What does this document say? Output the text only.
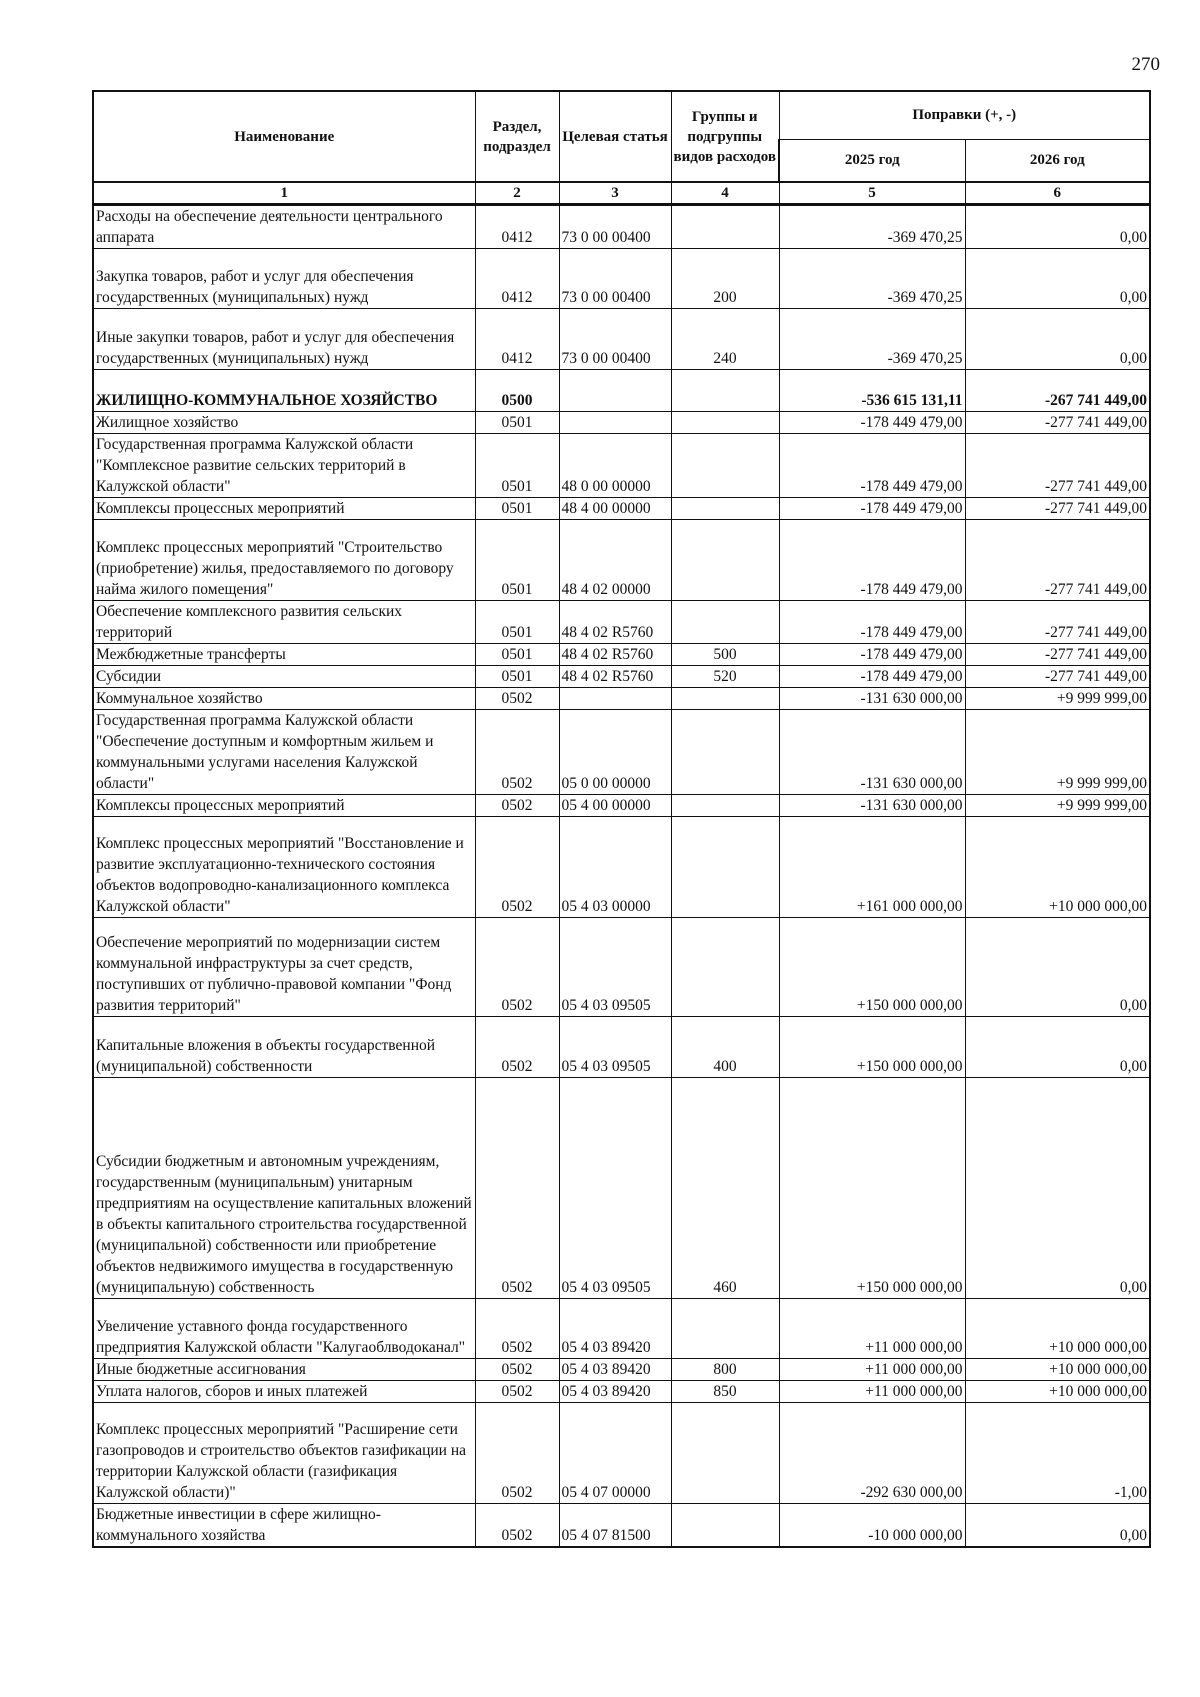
270
Наименование	Раздел, подраздел	Целевая статья	Группы и подгруппы видов расходов	Поправки (+, -)	
				2025 год	2026 год
1	2	3	4	5	6
Расходы на обеспечение деятельности центрального аппарата	0412	73 0 00 00400		-369 470,25	0,00
Закупка товаров, работ и услуг для обеспечения государственных (муниципальных) нужд	0412	73 0 00 00400	200	-369 470,25	0,00
Иные закупки товаров, работ и услуг для обеспечения государственных (муниципальных) нужд	0412	73 0 00 00400	240	-369 470,25	0,00
ЖИЛИЩНО-КОММУНАЛЬНОЕ ХОЗЯЙСТВО	0500			-536 615 131,11	-267 741 449,00
Жилищное хозяйство	0501			-178 449 479,00	-277 741 449,00
Государственная программа Калужской области "Комплексное развитие сельских территорий в Калужской области"	0501	48 0 00 00000		-178 449 479,00	-277 741 449,00
Комплексы процессных мероприятий	0501	48 4 00 00000		-178 449 479,00	-277 741 449,00
Комплекс процессных мероприятий "Строительство (приобретение) жилья, предоставляемого по договору найма жилого помещения"	0501	48 4 02 00000		-178 449 479,00	-277 741 449,00
Обеспечение комплексного развития сельских территорий	0501	48 4 02 R5760		-178 449 479,00	-277 741 449,00
Межбюджетные трансферты	0501	48 4 02 R5760	500	-178 449 479,00	-277 741 449,00
Субсидии	0501	48 4 02 R5760	520	-178 449 479,00	-277 741 449,00
Коммунальное хозяйство	0502			-131 630 000,00	+9 999 999,00
Государственная программа Калужской области "Обеспечение доступным и комфортным жильем и коммунальными услугами населения Калужской области"	0502	05 0 00 00000		-131 630 000,00	+9 999 999,00
Комплексы процессных мероприятий	0502	05 4 00 00000		-131 630 000,00	+9 999 999,00
Комплекс процессных мероприятий "Восстановление и развитие эксплуатационно-технического состояния объектов водопроводно-канализационного комплекса Калужской области"	0502	05 4 03 00000		+161 000 000,00	+10 000 000,00
Обеспечение мероприятий по модернизации систем коммунальной инфраструктуры за счет средств, поступивших от публично-правовой компании "Фонд развития территорий"	0502	05 4 03 09505		+150 000 000,00	0,00
Капитальные вложения в объекты государственной (муниципальной) собственности	0502	05 4 03 09505	400	+150 000 000,00	0,00
Субсидии бюджетным и автономным учреждениям, государственным (муниципальным) унитарным предприятиям на осуществление капитальных вложений в объекты капитального строительства государственной (муниципальной) собственности или приобретение объектов недвижимого имущества в государственную (муниципальную) собственность	0502	05 4 03 09505	460	+150 000 000,00	0,00
Увеличение уставного фонда государственного предприятия Калужской области "Калугаоблводоканал"	0502	05 4 03 89420		+11 000 000,00	+10 000 000,00
Иные бюджетные ассигнования	0502	05 4 03 89420	800	+11 000 000,00	+10 000 000,00
Уплата налогов, сборов и иных платежей	0502	05 4 03 89420	850	+11 000 000,00	+10 000 000,00
Комплекс процессных мероприятий "Расширение сети газопроводов и строительство объектов газификации на территории Калужской области (газификация Калужской области)"	0502	05 4 07 00000		-292 630 000,00	-1,00
Бюджетные инвестиции в сфере жилищно-коммунального хозяйства	0502	05 4 07 81500		-10 000 000,00	0,00
